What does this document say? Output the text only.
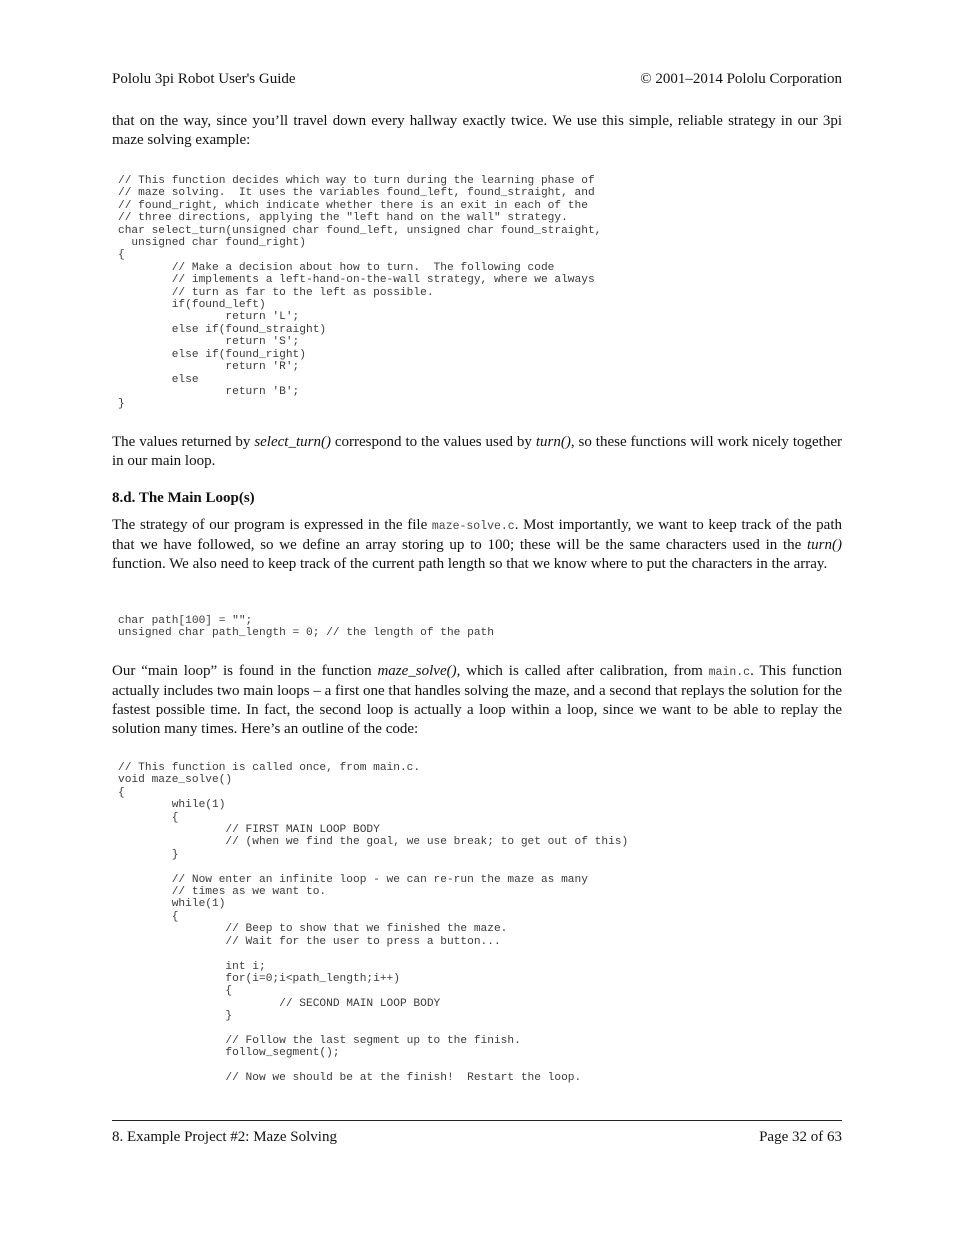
Pololu 3pi Robot User's Guide	© 2001–2014 Pololu Corporation

that on the way, since you’ll travel down every hallway exactly twice. We use this simple, reliable strategy in our 3pi maze solving example:

// This function decides which way to turn during the learning phase of
// maze solving.  It uses the variables found_left, found_straight, and
// found_right, which indicate whether there is an exit in each of the
// three directions, applying the "left hand on the wall" strategy.
char select_turn(unsigned char found_left, unsigned char found_straight,
unsigned char found_right)
{
// Make a decision about how to turn.  The following code
// implements a left-hand-on-the-wall strategy, where we always
// turn as far to the left as possible.
if(found_left)
return 'L';
else if(found_straight)
return 'S';
else if(found_right)
return 'R';
else
return 'B';
}

The values returned by select_turn() correspond to the values used by turn(), so these functions will work nicely together in our main loop.

8.d. The Main Loop(s)

The strategy of our program is expressed in the file maze-solve.c. Most importantly, we want to keep track of the path that we have followed, so we define an array storing up to 100; these will be the same characters used in the turn() function. We also need to keep track of the current path length so that we know where to put the characters in the array.

char path[100] = "";
unsigned char path_length = 0; // the length of the path

Our “main loop” is found in the function maze_solve(), which is called after calibration, from main.c. This function actually includes two main loops – a first one that handles solving the maze, and a second that replays the solution for the fastest possible time. In fact, the second loop is actually a loop within a loop, since we want to be able to replay the solution many times. Here’s an outline of the code:

// This function is called once, from main.c.
void maze_solve()
{
while(1)
{
// FIRST MAIN LOOP BODY
// (when we find the goal, we use break; to get out of this)
}

// Now enter an infinite loop - we can re-run the maze as many
// times as we want to.
while(1)
{
// Beep to show that we finished the maze.
// Wait for the user to press a button...

int i;
for(i=0;i<path_length;i++)
{
// SECOND MAIN LOOP BODY
}

// Follow the last segment up to the finish.
follow_segment();

// Now we should be at the finish!  Restart the loop.
8. Example Project #2: Maze Solving	Page 32 of 63
